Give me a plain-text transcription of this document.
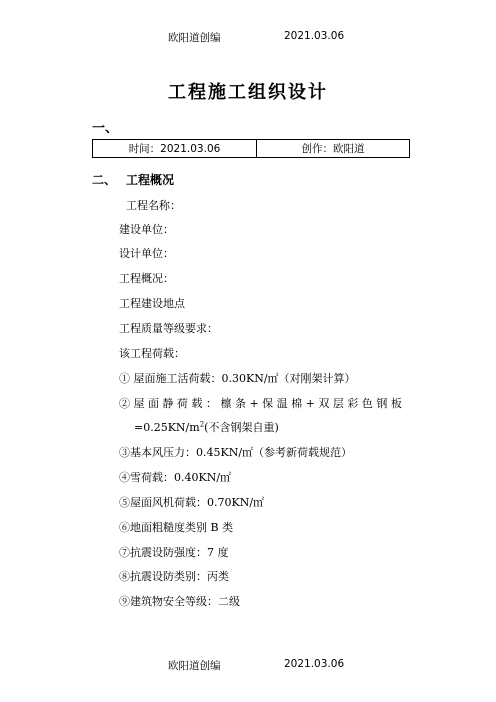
欧阳道创编	2021.03.06
工程施工组织设计
一、
时间：2021.03.06	创作：欧阳道
二、 工程概况
工程名称：
建设单位：
设计单位：
工程概况：
工程建设地点
工程质量等级要求：
该工程荷载：
① 屋面施工活荷载：0.30KN/㎡（对刚架计算）
② 屋 面 静 荷 载 ： 檩 条 + 保 温 棉 + 双 层 彩 色 钢 板
$=0.25KN/m^2$(不含钢架自重)
③基本风压力：0.45KN/㎡（参考新荷载规范）
④雪荷载：0.40KN/㎡
⑤屋面风机荷载：0.70KN/㎡
⑥地面粗糙度类别 B 类
⑦抗震设防强度：7 度
⑧抗震设防类别：丙类
⑨建筑物安全等级：二级
欧阳道创编	2021.03.06
